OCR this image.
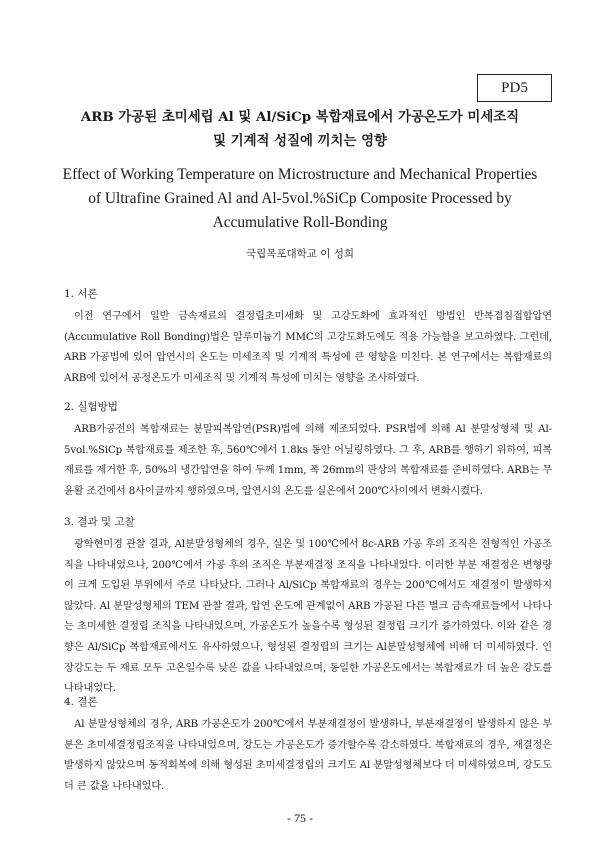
PD5
ARB 가공된 초미세립 Al 및 Al/SiCp 복합재료에서 가공온도가 미세조직
및 기계적 성질에 끼치는 영향
Effect of Working Temperature on Microstructure and Mechanical Properties
of Ultrafine Grained Al and Al-5vol.%SiCp Composite Processed by
Accumulative Roll-Bonding
국립목포대학교 이 성희
1. 서론

이전 연구에서 일반 금속재료의 결정립초미세화 및 고강도화에 효과적인 방법인 반복겹침접합압연(Accumulative Roll Bonding)법은 알루미늄기 MMC의 고강도화도에도 적용 가능함을 보고하였다. 그런데, ARB 가공법에 있어 압연시의 온도는 미세조직 및 기계적 특성에 큰 영향을 미친다. 본 연구에서는 복합재료의 ARB에 있어서 공정온도가 미세조직 및 기계적 특성에 미치는 영향을 조사하였다.

2. 실험방법

ARB가공전의 복합재료는 분말피복압연(PSR)법에 의해 제조되었다. PSR법에 의해 Al 분말성형체 및 Al-5vol.%SiCp 복합재료를 제조한 후, 560℃에서 1.8ks 동안 어닐링하였다. 그 후, ARB를 행하기 위하여, 피복재료를 제거한 후, 50%의 냉간압연을 하여 두께 1mm, 폭 26mm의 판상의 복합재료를 준비하였다. ARB는 무윤활 조건에서 8사이클까지 행하였으며, 압연시의 온도를 실온에서 200℃사이에서 변화시켰다.

3. 결과 및 고찰

광학현미경 관찰 결과, Al분말성형체의 경우, 실온 및 100℃에서 8c-ARB 가공 후의 조직은 전형적인 가공조직을 나타내었으나, 200℃에서 가공 후의 조직은 부분재결정 조직을 나타내었다. 이러한 부분 재결정은 변형량이 크게 도입된 부위에서 주로 나타났다. 그러나 Al/SiCp 복합재료의 경우는 200℃에서도 재결정이 발생하지 않았다. Al 분말성형체의 TEM 관찰 결과, 압연 온도에 관계없이 ARB 가공된 다른 벌크 금속재료들에서 나타나는 초미세한 결정립 조직을 나타내었으며, 가공온도가 높을수록 형성된 결정립 크기가 증가하였다. 이와 같은 경향은 Al/SiCp 복합재료에서도 유사하였으나, 형성된 결정립의 크기는 Al분말성형체에 비해 더 미세하였다. 인장강도는 두 재료 모두 고온일수록 낮은 값을 나타내었으며, 동일한 가공온도에서는 복합재료가 더 높은 강도를 나타내었다.

4. 결론

Al 분말성형체의 경우, ARB 가공온도가 200℃에서 부분재결정이 발생하나, 부분재결정이 발생하지 않은 부분은 초미세결정립조직을 나타내었으며, 강도는 가공온도가 증가할수록 감소하였다. 복합재료의 경우, 재결정은 발생하지 않았으며 동적회복에 의해 형성된 초미세결정립의 크기도 Al 분말성형체보다 더 미세하였으며, 강도도 더 큰 값을 나타내었다.

- 75 -
